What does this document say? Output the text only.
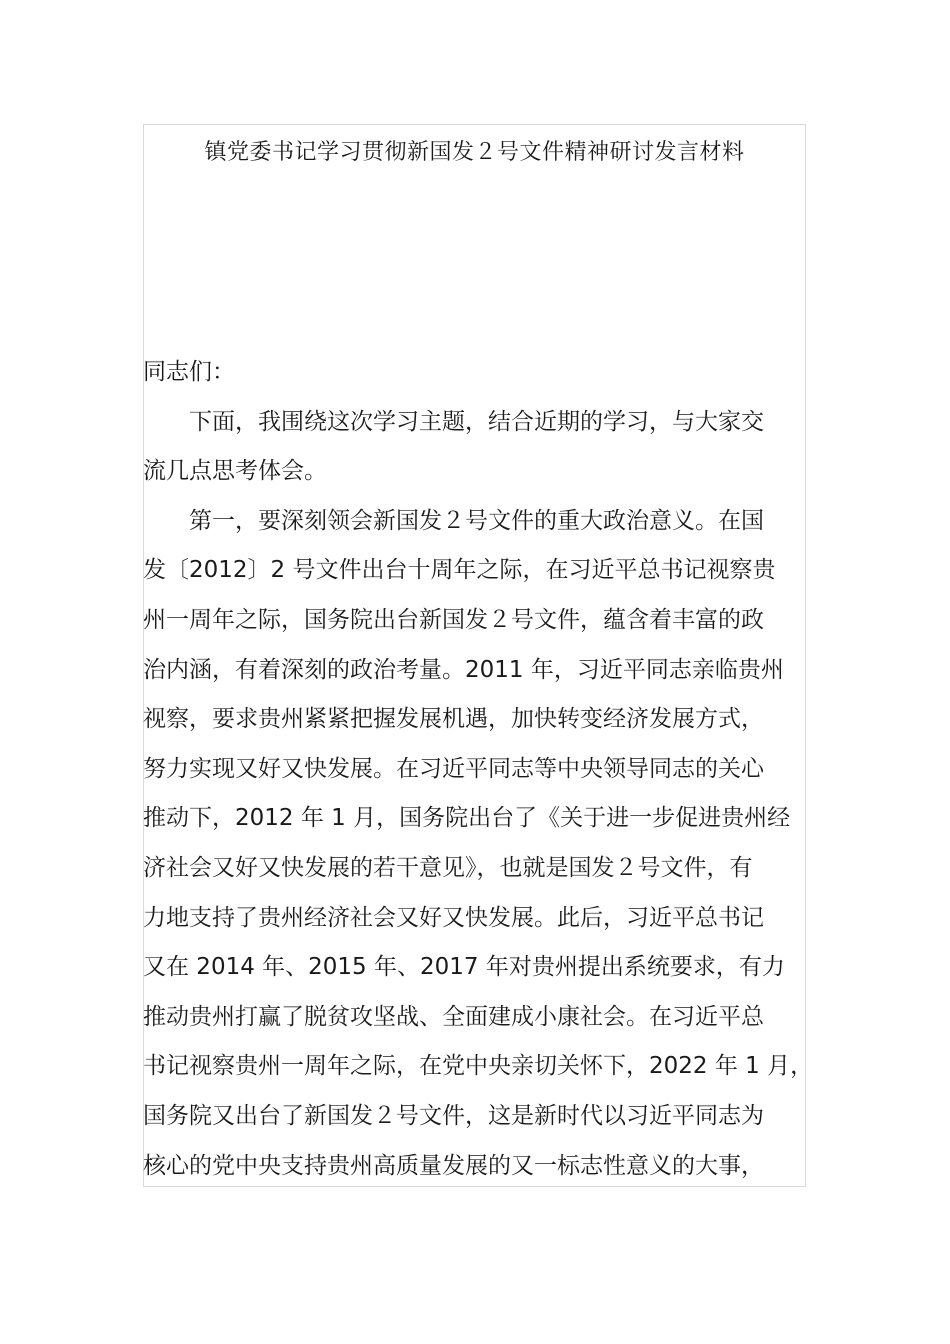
镇党委书记学习贯彻新国发２号文件精神研讨发言材料

同志们：

下面，我围绕这次学习主题，结合近期的学习，与大家交
流几点思考体会。
第一，要深刻领会新国发２号文件的重大政治意义。在国
发〔2012〕2 号文件出台十周年之际，在习近平总书记视察贵
州一周年之际，国务院出台新国发２号文件，蕴含着丰富的政
治内涵，有着深刻的政治考量。2011 年，习近平同志亲临贵州
视察，要求贵州紧紧把握发展机遇，加快转变经济发展方式，
努力实现又好又快发展。在习近平同志等中央领导同志的关心
推动下，2012 年 1 月，国务院出台了《关于进一步促进贵州经
济社会又好又快发展的若干意见》，也就是国发２号文件，有
力地支持了贵州经济社会又好又快发展。此后，习近平总书记
又在 2014 年、2015 年、2017 年对贵州提出系统要求，有力
推动贵州打赢了脱贫攻坚战、全面建成小康社会。在习近平总
书记视察贵州一周年之际，在党中央亲切关怀下，2022 年 1 月，
国务院又出台了新国发２号文件，这是新时代以习近平同志为
核心的党中央支持贵州高质量发展的又一标志性意义的大事，
